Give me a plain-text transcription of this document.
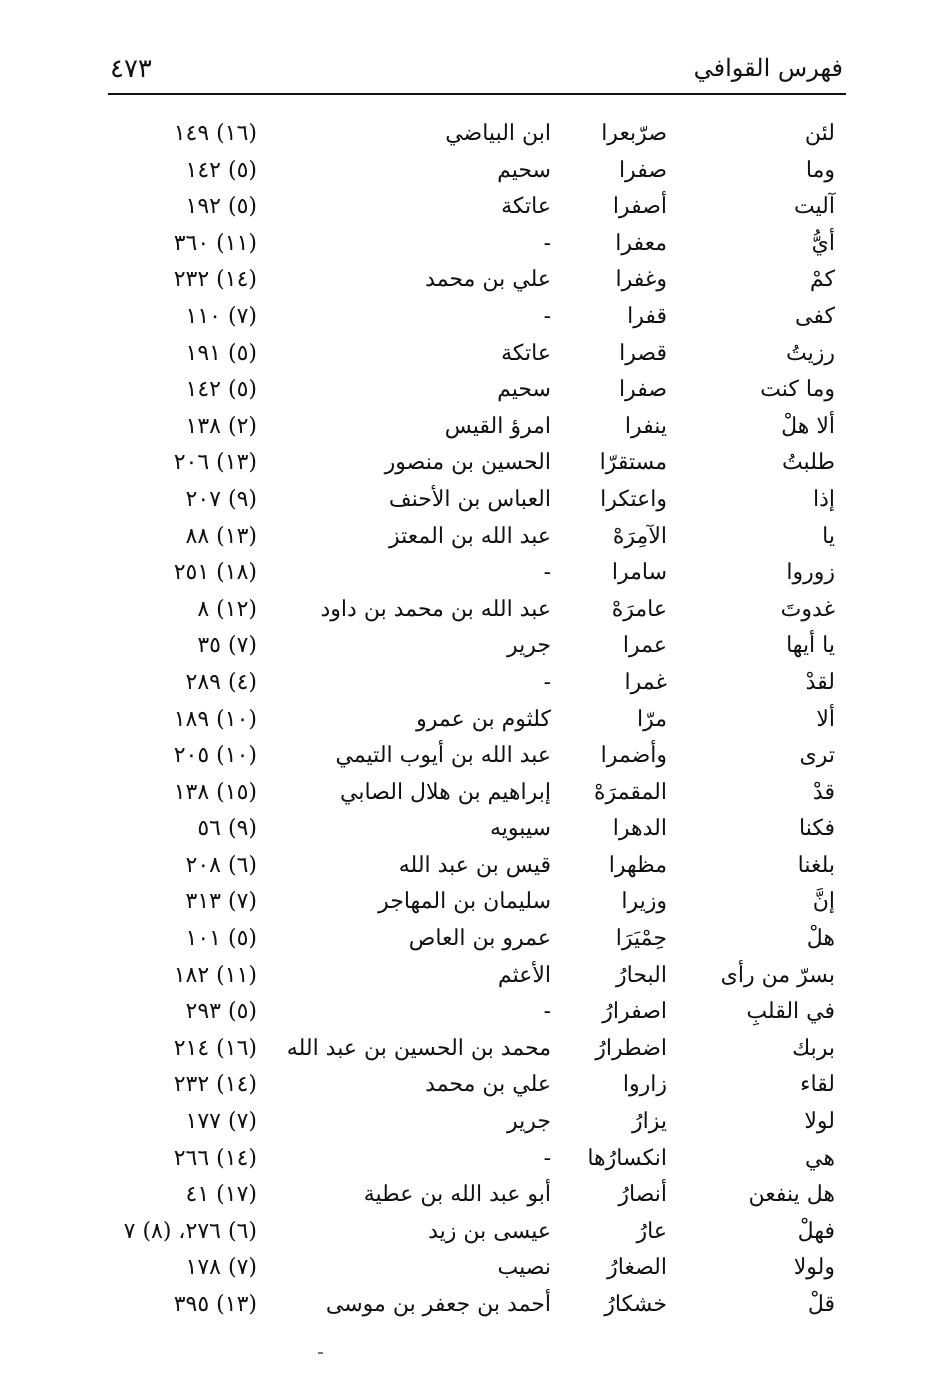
فهرس القوافي
٤٧٣
لئن
صرّبعرا
ابن البياضي
(١٦) ١٤٩
وما
صفرا
سحيم
(٥) ١٤٢
آليت
أصفرا
عاتكة
(٥) ١٩٢
أيُّ
معفرا
-
(١١) ٣٦٠
كمْ
وغفرا
علي بن محمد
(١٤) ٢٣٢
كفى
قفرا
-
(٧) ١١٠
رزيتُ
قصرا
عاتكة
(٥) ١٩١
وما كنت
صفرا
سحيم
(٥) ١٤٢
ألا هلْ
ينفرا
امرؤ القيس
(٢) ١٣٨
طلبتُ
مستقرّا
الحسين بن منصور
(١٣) ٢٠٦
إذا
واعتكرا
العباس بن الأحنف
(٩) ٢٠٧
يا
الآمِرَهْ
عبد الله بن المعتز
(١٣) ٨٨
زوروا
سامرا
-
(١٨) ٢٥١
غدوتَ
عامرَهْ
عبد الله بن محمد بن داود
(١٢) ٨
يا أيها
عمرا
جرير
(٧) ٣٥
لقدْ
غمرا
-
(٤) ٢٨٩
ألا
مرّا
كلثوم بن عمرو
(١٠) ١٨٩
ترى
وأضمرا
عبد الله بن أيوب التيمي
(١٠) ٢٠٥
قدْ
المقمرَهْ
إبراهيم بن هلال الصابي
(١٥) ١٣٨
فكنا
الدهرا
سيبويه
(٩) ٥٦
بلغنا
مظهرا
قيس بن عبد الله
(٦) ٢٠٨
إنَّ
وزيرا
سليمان بن المهاجر
(٧) ٣١٣
هلْ
حِمْيَرَا
عمرو بن العاص
(٥) ١٠١
بسرّ من رأى
البحارُ
الأعثم
(١١) ١٨٢
في القلبِ
اصفرارُ
-
(٥) ٢٩٣
بربك
اضطرارُ
محمد بن الحسين بن عبد الله
(١٦) ٢١٤
لقاء
زاروا
علي بن محمد
(١٤) ٢٣٢
لولا
يزارُ
جرير
(٧) ١٧٧
هي
انكسارُها
-
(١٤) ٢٦٦
هل ينفعن
أنصارُ
أبو عبد الله بن عطية
(١٧) ٤١
فهلْ
عارُ
عيسى بن زيد
(٦) ٢٧٦، (٨) ٧
ولولا
الصغارُ
نصيب
(٧) ١٧٨
قلْ
خشكارُ
أحمد بن جعفر بن موسى
(١٣) ٣٩٥
